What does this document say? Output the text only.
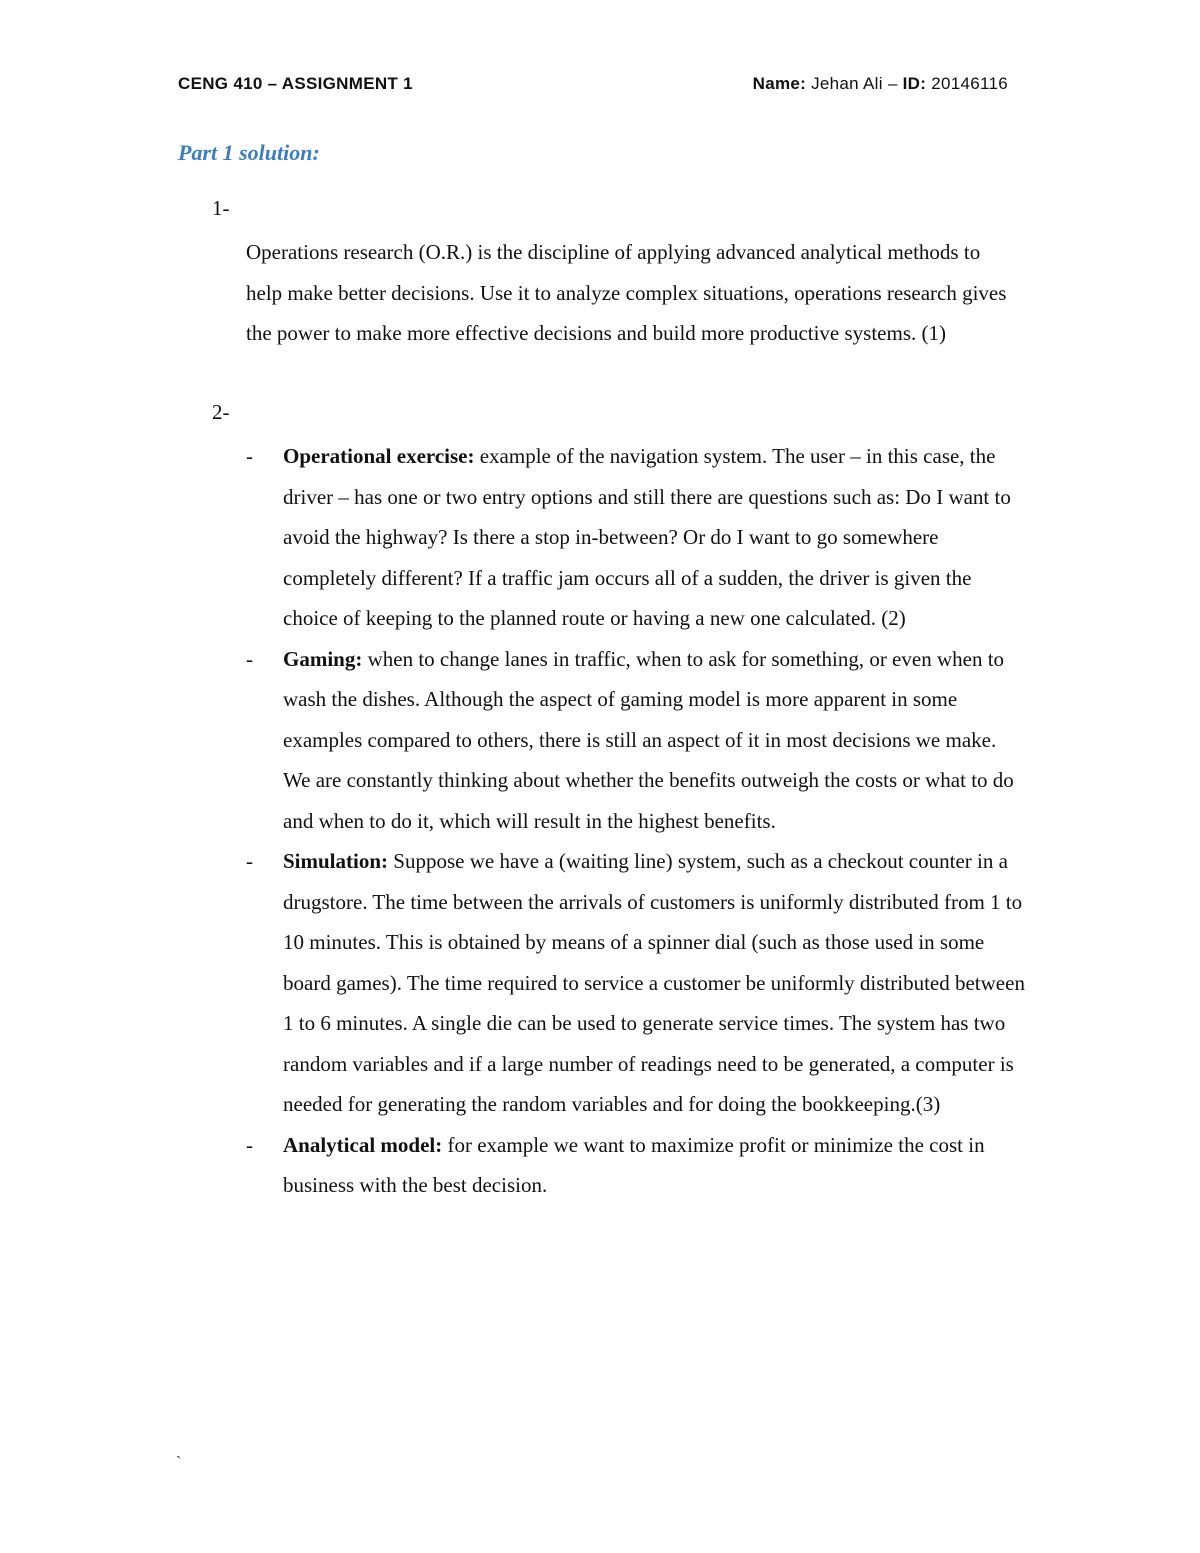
CENG 410 – ASSIGNMENT 1	Name: Jehan Ali – ID: 20146116
Part 1 solution:
1-
Operations research (O.R.) is the discipline of applying advanced analytical methods to help make better decisions. Use it to analyze complex situations, operations research gives the power to make more effective decisions and build more productive systems. (1)
2-
- Operational exercise: example of the navigation system. The user – in this case, the driver – has one or two entry options and still there are questions such as: Do I want to avoid the highway? Is there a stop in-between? Or do I want to go somewhere completely different? If a traffic jam occurs all of a sudden, the driver is given the choice of keeping to the planned route or having a new one calculated. (2)
- Gaming: when to change lanes in traffic, when to ask for something, or even when to wash the dishes. Although the aspect of gaming model is more apparent in some examples compared to others, there is still an aspect of it in most decisions we make. We are constantly thinking about whether the benefits outweigh the costs or what to do and when to do it, which will result in the highest benefits.
- Simulation: Suppose we have a (waiting line) system, such as a checkout counter in a drugstore. The time between the arrivals of customers is uniformly distributed from 1 to 10 minutes. This is obtained by means of a spinner dial (such as those used in some board games). The time required to service a customer be uniformly distributed between 1 to 6 minutes. A single die can be used to generate service times. The system has two random variables and if a large number of readings need to be generated, a computer is needed for generating the random variables and for doing the bookkeeping.(3)
- Analytical model: for example we want to maximize profit or minimize the cost in business with the best decision.
`
